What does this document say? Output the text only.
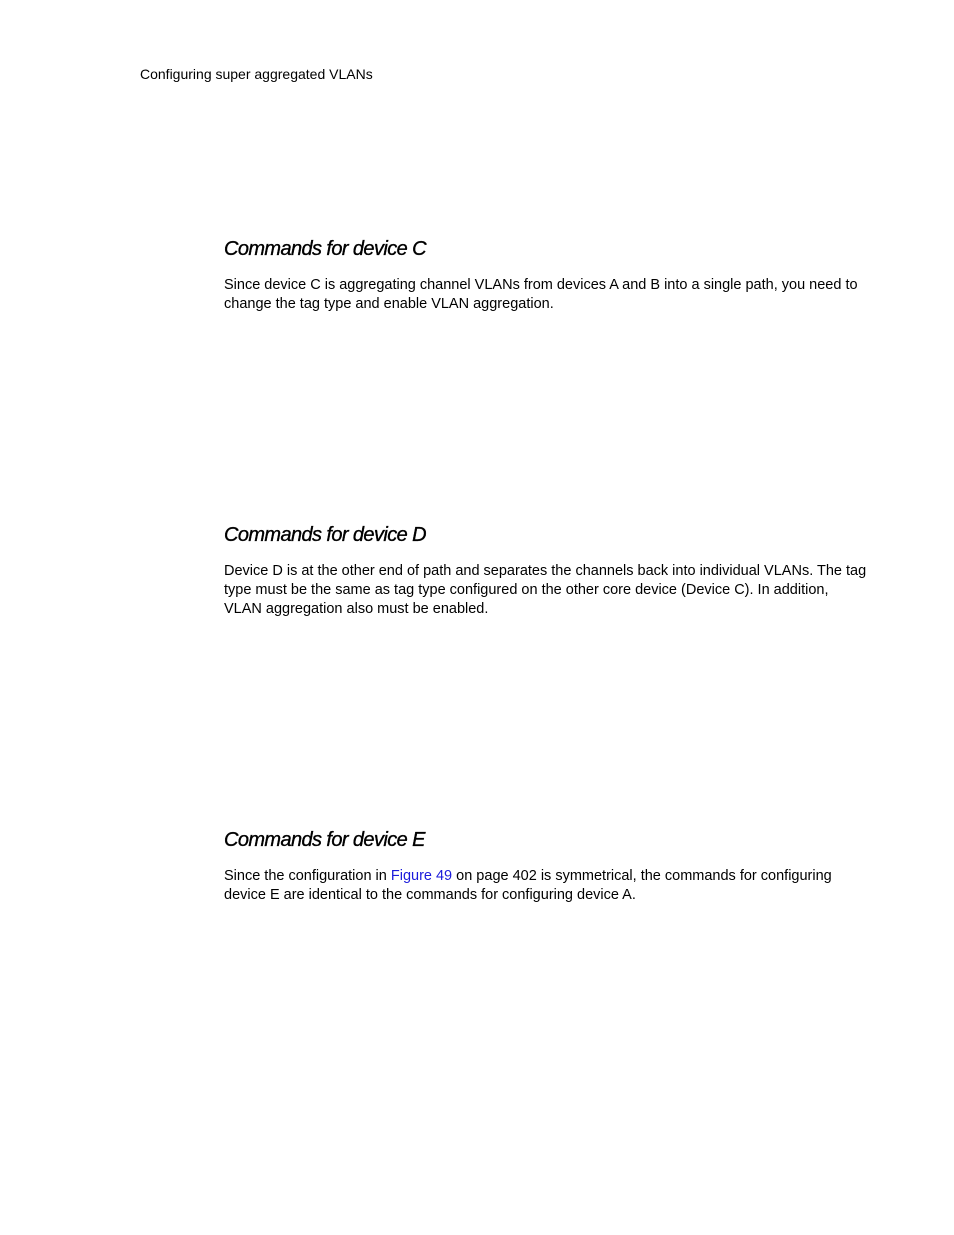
Configuring super aggregated VLANs
Commands for device C

Since device C is aggregating channel VLANs from devices A and B into a single path, you need to change the tag type and enable VLAN aggregation.

Commands for device D

Device D is at the other end of path and separates the channels back into individual VLANs. The tag type must be the same as tag type configured on the other core device (Device C). In addition, VLAN aggregation also must be enabled.

Commands for device E

Since the configuration in Figure 49 on page 402 is symmetrical, the commands for configuring device E are identical to the commands for configuring device A.
